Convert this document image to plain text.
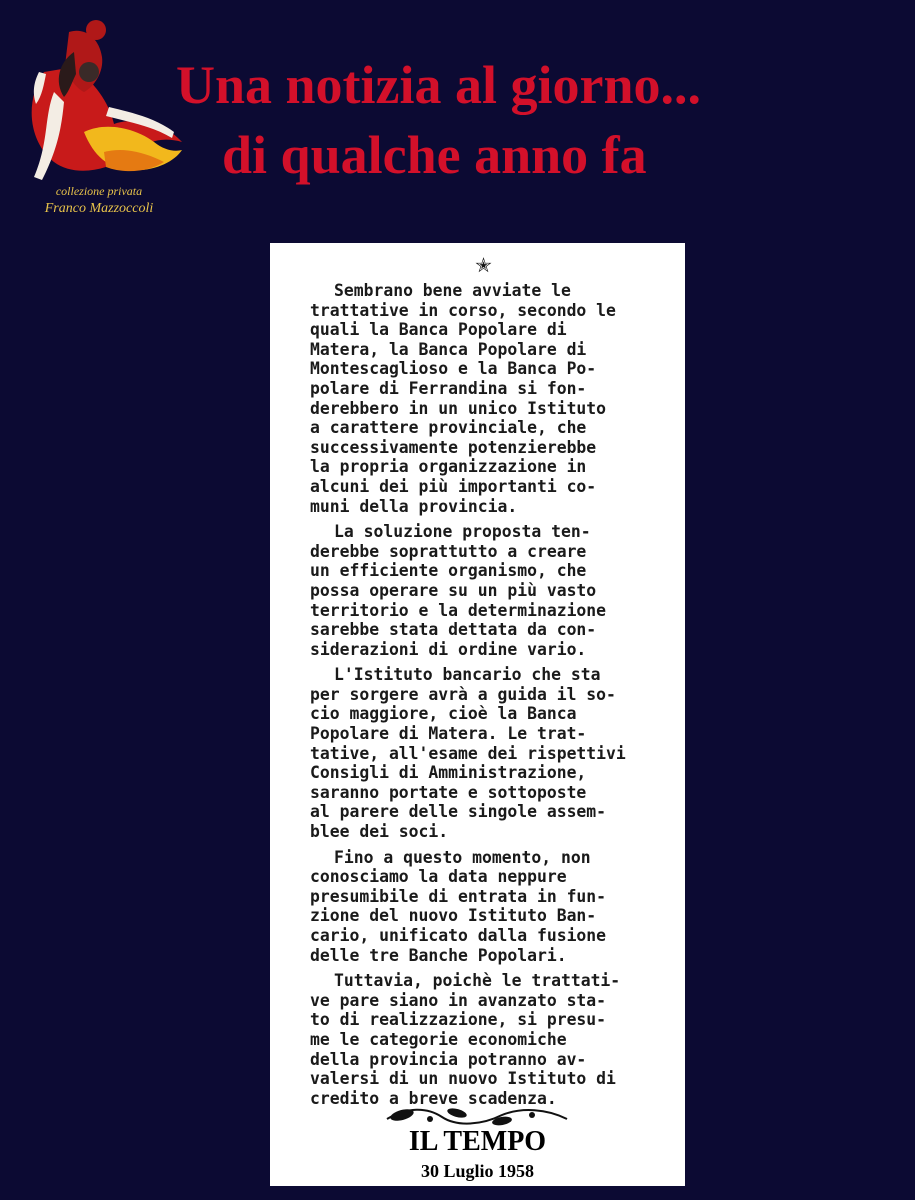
collezione privata
Franco Mazzoccoli
Una notizia al giorno...
di qualche anno fa
✭
Sembrano bene avviate le
trattative in corso, secondo le
quali la Banca Popolare di
Matera, la Banca Popolare di
Montescaglioso e la Banca Po-
polare di Ferrandina si fon-
derebbero in un unico Istituto
a carattere provinciale, che
successivamente potenzierebbe
la propria organizzazione in
alcuni dei più importanti co-
muni della provincia.
La soluzione proposta ten-
derebbe soprattutto a creare
un efficiente organismo, che
possa operare su un più vasto
territorio e la determinazione
sarebbe stata dettata da con-
siderazioni di ordine vario.
L'Istituto bancario che sta
per sorgere avrà a guida il so-
cio maggiore, cioè la Banca
Popolare di Matera. Le trat-
tative, all'esame dei rispettivi
Consigli di Amministrazione,
saranno portate e sottoposte
al parere delle singole assem-
blee dei soci.
Fino a questo momento, non
conosciamo la data neppure
presumibile di entrata in fun-
zione del nuovo Istituto Ban-
cario, unificato dalla fusione
delle tre Banche Popolari.
Tuttavia, poichè le trattati-
ve pare siano in avanzato sta-
to di realizzazione, si presu-
me le categorie economiche
della provincia potranno av-
valersi di un nuovo Istituto di
credito a breve scadenza.
IL TEMPO
30 Luglio 1958
